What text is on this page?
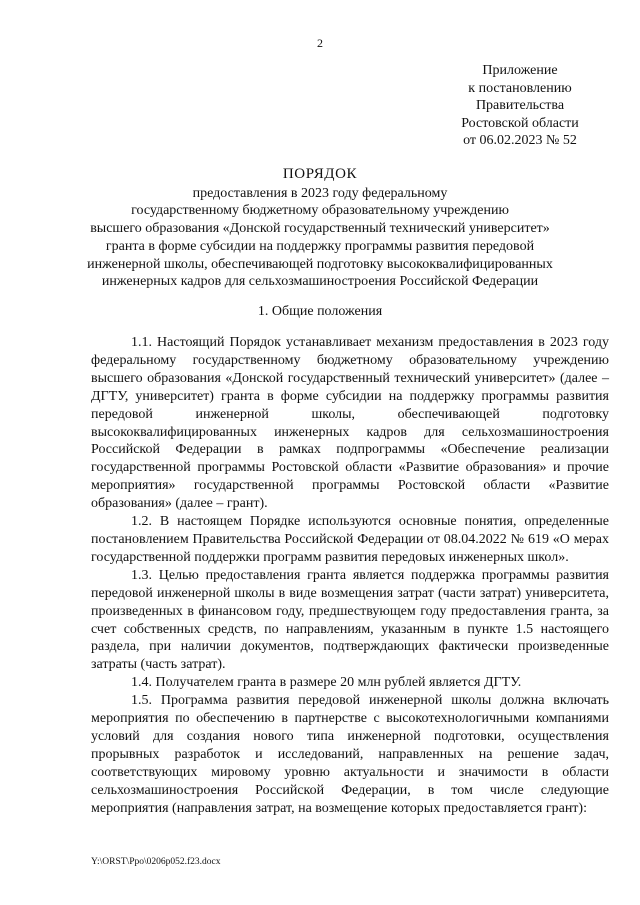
2
Приложение
к постановлению
Правительства
Ростовской области
от 06.02.2023 № 52
ПОРЯДОК
предоставления в 2023 году федеральному
государственному бюджетному образовательному учреждению
высшего образования «Донской государственный технический университет»
гранта в форме субсидии на поддержку программы развития передовой
инженерной школы, обеспечивающей подготовку высококвалифицированных
инженерных кадров для сельхозмашиностроения Российской Федерации
1. Общие положения

1.1. Настоящий Порядок устанавливает механизм предоставления в 2023 году федеральному государственному бюджетному образовательному учреждению высшего образования «Донской государственный технический университет» (далее – ДГТУ, университет) гранта в форме субсидии на поддержку программы развития передовой инженерной школы, обеспечивающей подготовку высококвалифицированных инженерных кадров для сельхозмашиностроения Российской Федерации в рамках подпрограммы «Обеспечение реализации государственной программы Ростовской области «Развитие образования» и прочие мероприятия» государственной программы Ростовской области «Развитие образования» (далее – грант).

1.2. В настоящем Порядке используются основные понятия, определенные постановлением Правительства Российской Федерации от 08.04.2022 № 619 «О мерах государственной поддержки программ развития передовых инженерных школ».

1.3. Целью предоставления гранта является поддержка программы развития передовой инженерной школы в виде возмещения затрат (части затрат) университета, произведенных в финансовом году, предшествующем году предоставления гранта, за счет собственных средств, по направлениям, указанным в пункте 1.5 настоящего раздела, при наличии документов, подтверждающих фактически произведенные затраты (часть затрат).

1.4. Получателем гранта в размере 20 млн рублей является ДГТУ.

1.5. Программа развития передовой инженерной школы должна включать мероприятия по обеспечению в партнерстве с высокотехнологичными компаниями условий для создания нового типа инженерной подготовки, осуществления прорывных разработок и исследований, направленных на решение задач, соответствующих мировому уровню актуальности и значимости в области сельхозмашиностроения Российской Федерации, в том числе следующие мероприятия (направления затрат, на возмещение которых предоставляется грант):

Y:\ORST\Ppo\0206p052.f23.docx
